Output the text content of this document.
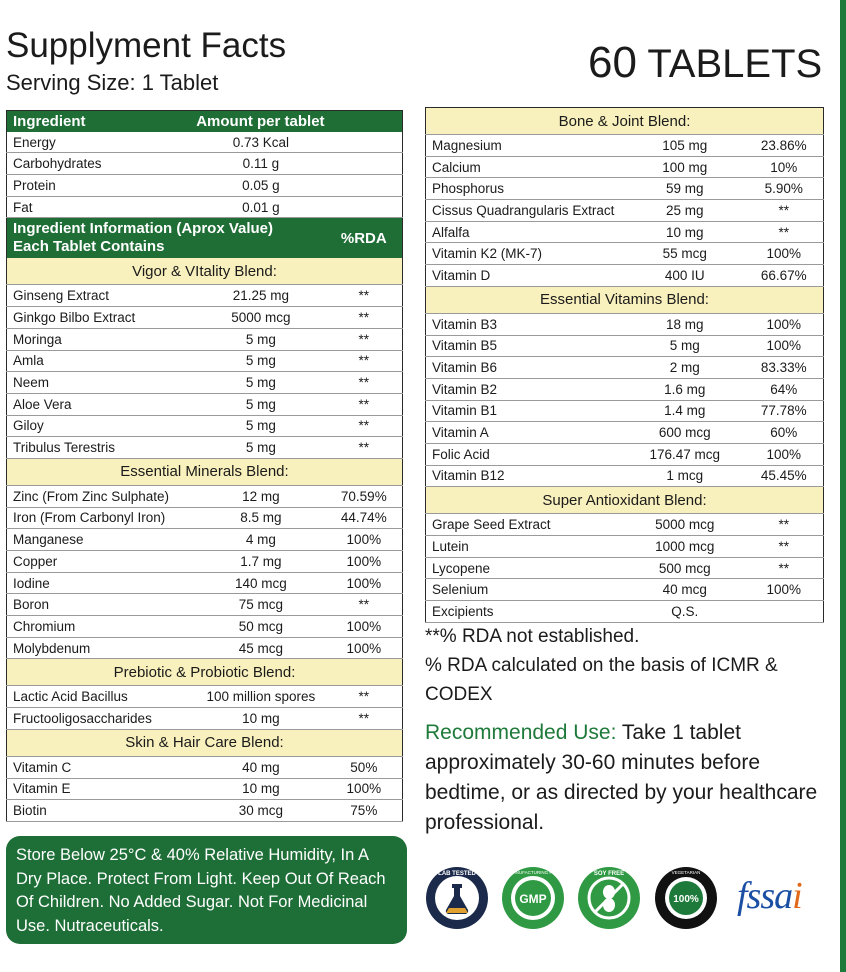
Supplyment Facts
Serving Size: 1 Tablet	60 TABLETS
Ingredient	Amount per tablet	
Energy	0.73 Kcal	
Carbohydrates	0.11 g	
Protein	0.05 g	
Fat	0.01 g	

Ingredient Information (Aprox Value)
Each Tablet Contains		%RDA
Vigor & VItality Blend:		
Ginseng Extract	21.25 mg	**
Ginkgo Bilbo Extract	5000 mcg	**
Moringa	5 mg	**
Amla	5 mg	**
Neem	5 mg	**
Aloe Vera	5 mg	**
Giloy	5 mg	**
Tribulus Terestris	5 mg	**
Essential Minerals Blend:		
Zinc (From Zinc Sulphate)	12 mg	70.59%
Iron (From Carbonyl Iron)	8.5 mg	44.74%
Manganese	4 mg	100%
Copper	1.7 mg	100%
Iodine	140 mcg	100%
Boron	75 mcg	**
Chromium	50 mcg	100%
Molybdenum	45 mcg	100%
Prebiotic & Probiotic Blend:		
Lactic Acid Bacillus	100 million spores	**
Fructooligosaccharides	10 mg	**
Skin & Hair Care Blend:		
Vitamin C	40 mg	50%
Vitamin E	10 mg	100%
Biotin	30 mcg	75%
Bone & Joint Blend:		
Magnesium	105 mg	23.86%
Calcium	100 mg	10%
Phosphorus	59 mg	5.90%
Cissus Quadrangularis Extract	25 mg	**
Alfalfa	10 mg	**
Vitamin K2 (MK-7)	55 mcg	100%
Vitamin D	400 IU	66.67%
Essential Vitamins Blend:		
Vitamin B3	18 mg	100%
Vitamin B5	5 mg	100%
Vitamin B6	2 mg	83.33%
Vitamin B2	1.6 mg	64%
Vitamin B1	1.4 mg	77.78%
Vitamin A	600 mcg	60%
Folic Acid	176.47 mcg	100%
Vitamin B12	1 mcg	45.45%
Super Antioxidant Blend:		
Grape Seed Extract	5000 mcg	**
Lutein	1000 mcg	**
Lycopene	500 mcg	**
Selenium	40 mcg	100%
Excipients	Q.S.	
**% RDA not established.
% RDA calculated on the basis of ICMR & CODEX
Recommended Use: Take 1 tablet approximately 30-60 minutes before bedtime, or as directed by your healthcare professional.
Store Below 25°C & 40% Relative Humidity, In A Dry Place. Protect From Light. Keep Out Of Reach Of Children. No Added Sugar. Not For Medicinal Use. Nutraceuticals.
LAB TESTED
GMP
GOOD MANUFACTURING PRACTICE	SOY FREE
100%
VEGETARIAN
fssai
